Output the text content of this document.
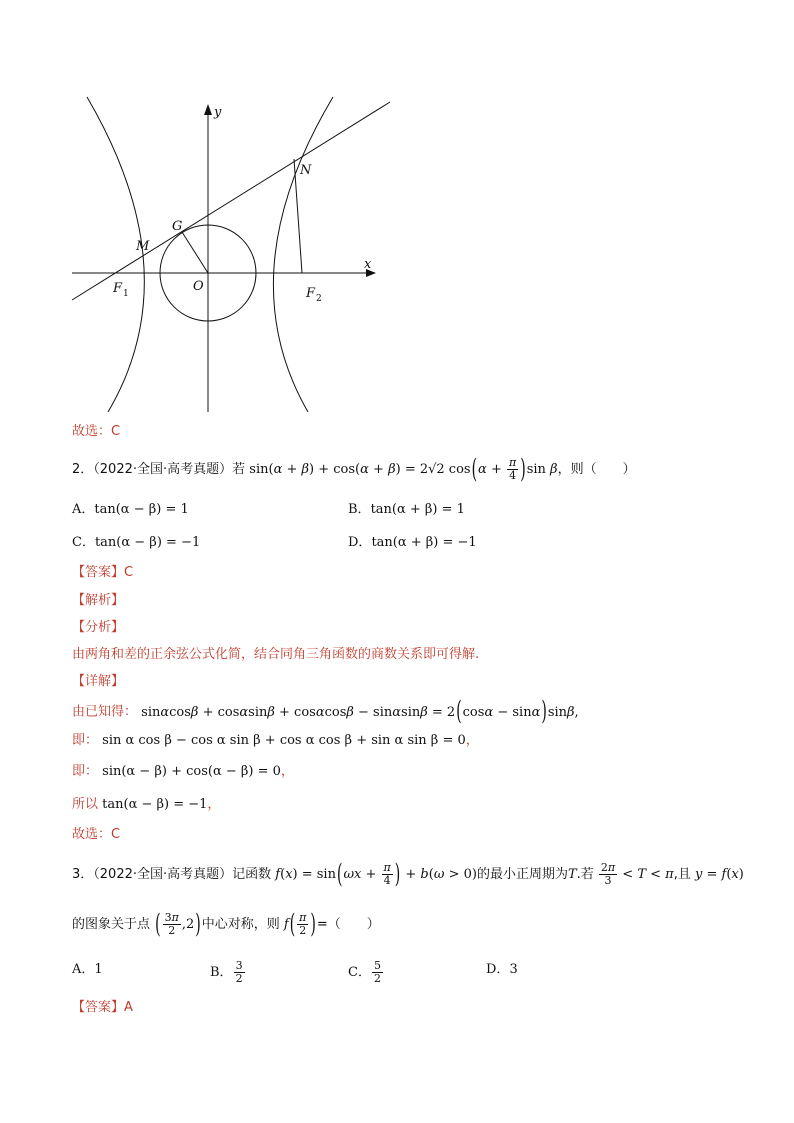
y
x
N
G
M
O
F 1	F 2
故选：C
2．（2022·全国·高考真题）若 sin(α + β) + cos(α + β) = 2√2 $\cos(\alpha + \frac{\pi}{4} )\sin$ β，则（　　）
A．tan(α − β) = 1	B．tan(α + β) = 1
C．tan(α − β) = −1	D．tan(α + β) = −1
【答案】C
【解析】
【分析】
由两角和差的正余弦公式化简，结合同角三角函数的商数关系即可得解.
【详解】
由已知得： sinαcosβ + cosαsinβ + cosαcosβ − sinαsinβ = 2(cosα − sinα)sinβ,
即： sin α cos β − cos α sin β + cos α cos β + sin α sin β = 0，
即： sin(α − β) + cos(α − β) = 0，
所以 tan(α − β) = −1，
故选：C
3．（2022·全国·高考真题）记函数 $f(x) = \sin(\omega x + \frac{\pi}{4}$ ) + b(ω > 0)的最小正周期为T.若 $\frac{2\pi}{3} < T < \pi$,且 y = f(x)
的图象关于点 ( $\frac{3\pi}{2} ,2$)中心对称，则 $f( \frac{\pi}{2}$ )=（　　）
A．1	B． $\frac{3}{2}$	C． $\frac{5}{2}$	D．3
【答案】A
